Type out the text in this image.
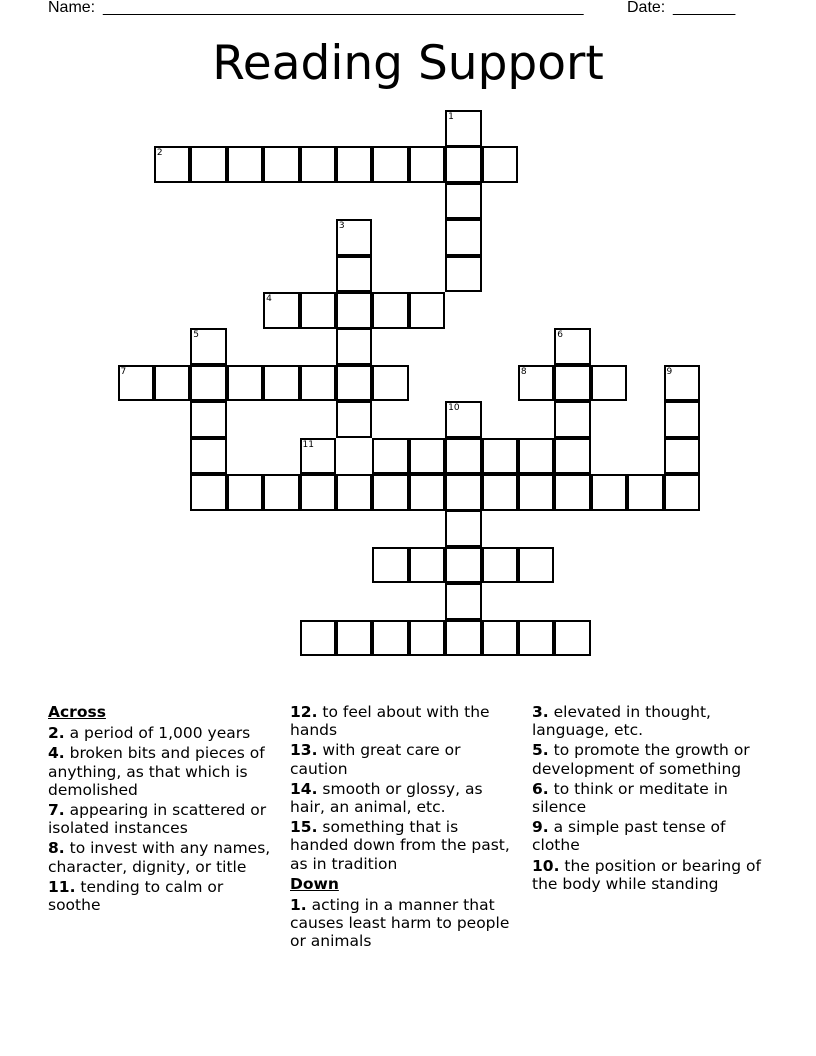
Name: ______________________________________________________	Date: _______
Reading Support
1
2
3
4
5
7
6
8	9
10
11
Across
2. a period of 1,000 years
4. broken bits and pieces of anything, as that which is demolished
7. appearing in scattered or isolated instances
8. to invest with any names, character, dignity, or title
11. tending to calm or soothe
12. to feel about with the hands
13. with great care or caution
14. smooth or glossy, as hair, an animal, etc.
15. something that is handed down from the past, as in tradition
Down
1. acting in a manner that causes least harm to people or animals
3. elevated in thought, language, etc.
5. to promote the growth or development of something
6. to think or meditate in silence
9. a simple past tense of clothe
10. the position or bearing of the body while standing
